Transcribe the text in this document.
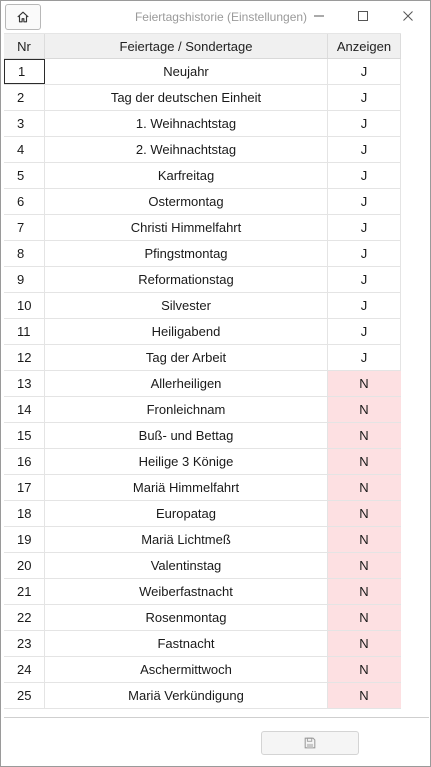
Feiertagshistorie (Einstellungen)
Nr	Feiertage / Sondertage	Anzeigen
1	Neujahr	J
2	Tag der deutschen Einheit	J
3	1. Weihnachtstag	J
4	2. Weihnachtstag	J
5	Karfreitag	J
6	Ostermontag	J
7	Christi Himmelfahrt	J
8	Pfingstmontag	J
9	Reformationstag	J
10	Silvester	J
11	Heiligabend	J
12	Tag der Arbeit	J
13	Allerheiligen	N
14	Fronleichnam	N
15	Buß- und Bettag	N
16	Heilige 3 Könige	N
17	Mariä Himmelfahrt	N
18	Europatag	N
19	Mariä Lichtmeß	N
20	Valentinstag	N
21	Weiberfastnacht	N
22	Rosenmontag	N
23	Fastnacht	N
24	Aschermittwoch	N
25	Mariä Verkündigung	N
